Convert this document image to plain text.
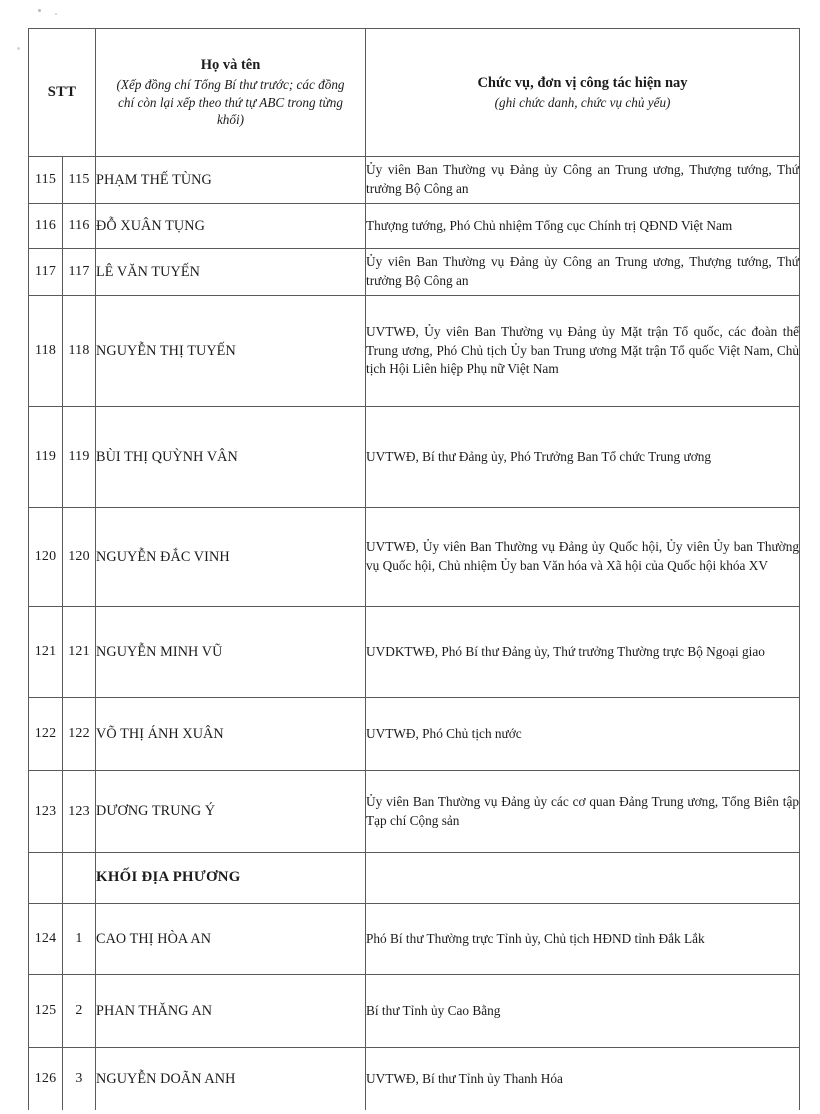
STT		Họ và tên
(Xếp đồng chí Tổng Bí thư trước; các đồng chí còn lại xếp theo thứ tự ABC trong từng khối)	Chức vụ, đơn vị công tác hiện nay
(ghi chức danh, chức vụ chủ yếu)

115	115	PHẠM THẾ TÙNG	Ủy viên Ban Thường vụ Đảng ủy Công an Trung ương, Thượng tướng, Thứ trưởng Bộ Công an

116	116	ĐỖ XUÂN TỤNG	Thượng tướng, Phó Chủ nhiệm Tổng cục Chính trị QĐND Việt Nam

117	117	LÊ VĂN TUYẾN	Ủy viên Ban Thường vụ Đảng ủy Công an Trung ương, Thượng tướng, Thứ trưởng Bộ Công an

118	118	NGUYỄN THỊ TUYẾN	UVTWĐ, Ủy viên Ban Thường vụ Đảng ủy Mặt trận Tổ quốc, các đoàn thể Trung ương, Phó Chủ tịch Ủy ban Trung ương Mặt trận Tổ quốc Việt Nam, Chủ tịch Hội Liên hiệp Phụ nữ Việt Nam

119	119	BÙI THỊ QUỲNH VÂN	UVTWĐ, Bí thư Đảng ủy, Phó Trưởng Ban Tổ chức Trung ương

120	120	NGUYỄN ĐẮC VINH	UVTWĐ, Ủy viên Ban Thường vụ Đảng ủy Quốc hội, Ủy viên Ủy ban Thường vụ Quốc hội, Chủ nhiệm Ủy ban Văn hóa và Xã hội của Quốc hội khóa XV

121	121	NGUYỄN MINH VŨ	UVDKTWĐ, Phó Bí thư Đảng ủy, Thứ trưởng Thường trực Bộ Ngoại giao

122	122	VÕ THỊ ÁNH XUÂN	UVTWĐ, Phó Chủ tịch nước

123	123	DƯƠNG TRUNG Ý	Ủy viên Ban Thường vụ Đảng ủy các cơ quan Đảng Trung ương, Tổng Biên tập Tạp chí Cộng sản

		KHỐI ĐỊA PHƯƠNG	

124	1	CAO THỊ HÒA AN	Phó Bí thư Thường trực Tỉnh ủy, Chủ tịch HĐND tỉnh Đắk Lắk

125	2	PHAN THĂNG AN	Bí thư Tỉnh ủy Cao Bằng

126	3	NGUYỄN DOÃN ANH	UVTWĐ, Bí thư Tỉnh ủy Thanh Hóa
